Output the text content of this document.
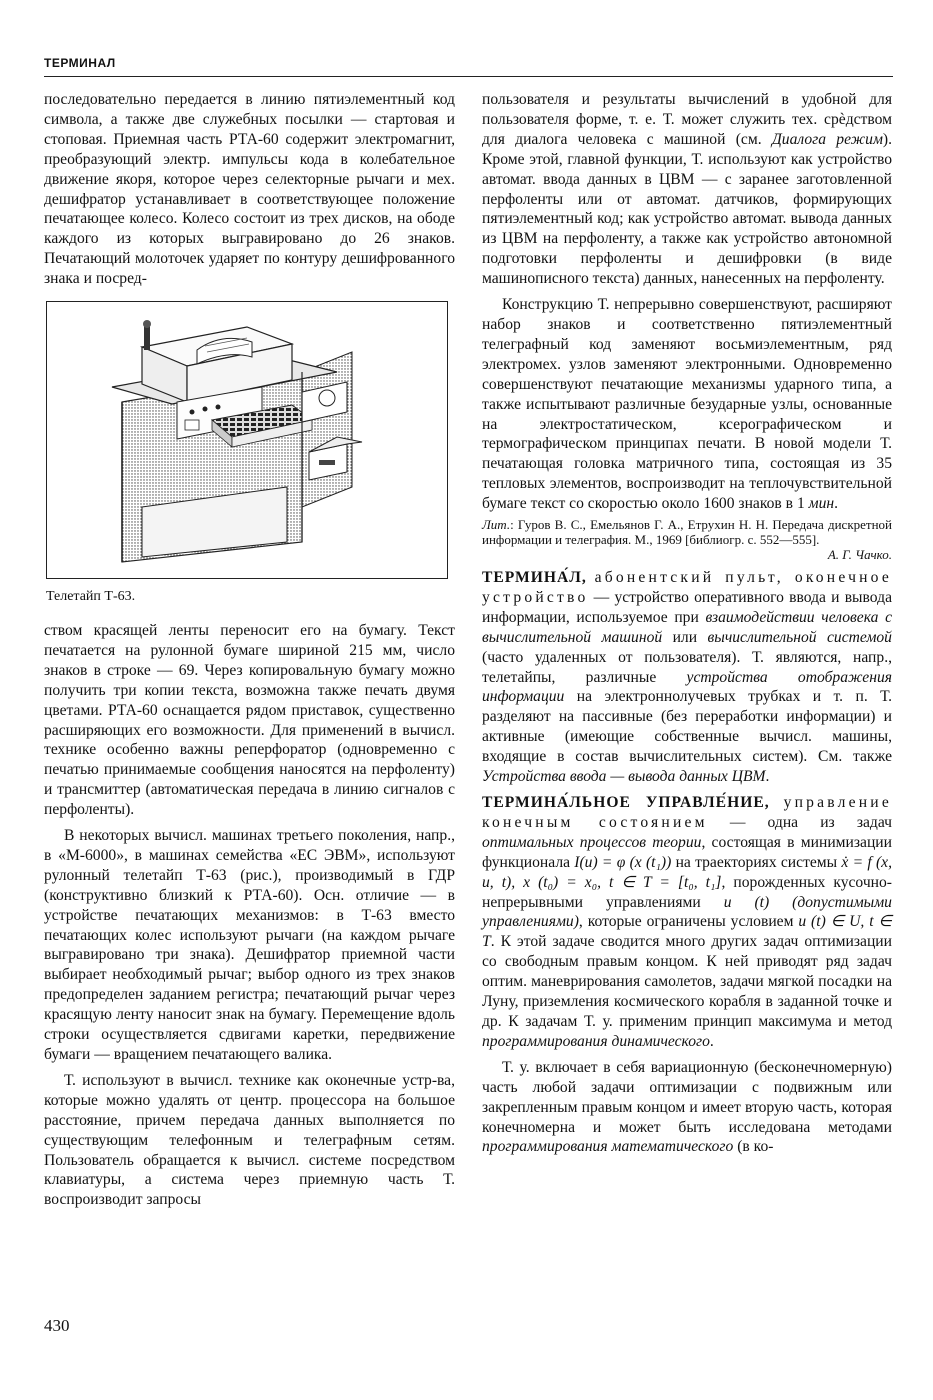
ТЕРМИНАЛ

последовательно передается в линию пятиэлементный код символа, а также две служебных посылки — стартовая и стоповая. Приемная часть РТА-60 содержит электромагнит, преобразующий электр. импульсы кода в колебательное движение якоря, которое через селекторные рычаги и мех. дешифратор устанавливает в соответствующее положение печатающее колесо. Колесо состоит из трех дисков, на ободе каждого из которых выгравировано до 26 знаков. Печатающий молоточек ударяет по контуру дешифрованного знака и посред-

Телетайп Т-63.

ством красящей ленты переносит его на бумагу. Текст печатается на рулонной бумаге шириной 215 мм, число знаков в строке — 69. Через копировальную бумагу можно получить три копии текста, возможна также печать двумя цветами. РТА-60 оснащается рядом приставок, существенно расширяющих его возможности. Для применений в вычисл. технике особенно важны реперфоратор (одновременно с печатью принимаемые сообщения наносятся на перфоленту) и трансмиттер (автоматическая передача в линию сигналов с перфоленты).

В некоторых вычисл. машинах третьего поколения, напр., в «М-6000», в машинах семейства «ЕС ЭВМ», используют рулонный телетайп Т-63 (рис.), производимый в ГДР (конструктивно близкий к РТА-60). Осн. отличие — в устройстве печатающих механизмов: в Т-63 вместо печатающих колес используют рычаги (на каждом рычаге выгравировано три знака). Дешифратор приемной части выбирает необходимый рычаг; выбор одного из трех знаков предопределен заданием регистра; печатающий рычаг через красящую ленту наносит знак на бумагу. Перемещение вдоль строки осуществляется сдвигами каретки, передвижение бумаги — вращением печатающего валика.

Т. используют в вычисл. технике как оконечные устр-ва, которые можно удалять от центр. процессора на большое расстояние, причем передача данных выполняется по существующим телефонным и телеграфным сетям. Пользователь обращается к вычисл. системе посредством клавиатуры, а система через приемную часть Т. воспроизводит запросы

пользователя и результаты вычислений в удобной для пользователя форме, т. е. Т. может служить тех. срѐдством для диалога человека с машиной (см. Диалога режим). Кроме этой, главной функции, Т. используют как устройство автомат. ввода данных в ЦВМ — с заранее заготовленной перфоленты или от автомат. датчиков, формирующих пятиэлементный код; как устройство автомат. вывода данных из ЦВМ на перфоленту, а также как устройство автономной подготовки перфоленты и дешифровки (в виде машинописного текста) данных, нанесенных на перфоленту.

Конструкцию Т. непрерывно совершенствуют, расширяют набор знаков и соответственно пятиэлементный телеграфный код заменяют восьмиэлементным, ряд электромех. узлов заменяют электронными. Одновременно совершенствуют печатающие механизмы ударного типа, а также испытывают различные безударные узлы, основанные на электростатическом, ксерографическом и термографическом принципах печати. В новой модели Т. печатающая головка матричного типа, состоящая из 35 тепловых элементов, воспроизводит на теплочувствительной бумаге текст со скоростью около 1600 знаков в 1 мин.

Лит.: Гуров В. С., Емельянов Г. А., Етрухин Н. Н. Передача дискретной информации и телеграфия. М., 1969 [библиогр. с. 552—555].

А. Г. Чачко.

ТЕРМИНА́Л, абонентский пульт, оконечное устройство — устройство оперативного ввода и вывода информации, используемое при взаимодействии человека с вычислительной машиной или вычислительной системой (часто удаленных от пользователя). Т. являются, напр., телетайпы, различные устройства отображения информации на электроннолучевых трубках и т. п. Т. разделяют на пассивные (без переработки информации) и активные (имеющие собственные вычисл. машины, входящие в состав вычислительных систем). См. также Устройства ввода — вывода данных ЦВМ.

ТЕРМИНА́ЛЬНОЕ УПРАВЛЕ́НИЕ, управление конечным состоянием — одна из задач оптимальных процессов теории, состоящая в минимизации функционала I(u) = φ (x (t₁)) на траекториях системы ẋ = f (x, u, t), x (t₀) = x₀, t ∈ T = [t₀, t₁], порожденных кусочно-непрерывными управлениями u (t) (допустимыми управлениями), которые ограничены условием u (t) ∈ U, t ∈ T. К этой задаче сводится много других задач оптимизации со свободным правым концом. К ней приводят ряд задач оптим. маневрирования самолетов, задачи мягкой посадки на Луну, приземления космического корабля в заданной точке и др. К задачам Т. у. применим принцип максимума и метод программирования динамического.

Т. у. включает в себя вариационную (бесконечномерную) часть любой задачи оптимизации с подвижным или закрепленным правым концом и имеет вторую часть, которая конечномерна и может быть исследована методами программирования математического (в ко-

430
